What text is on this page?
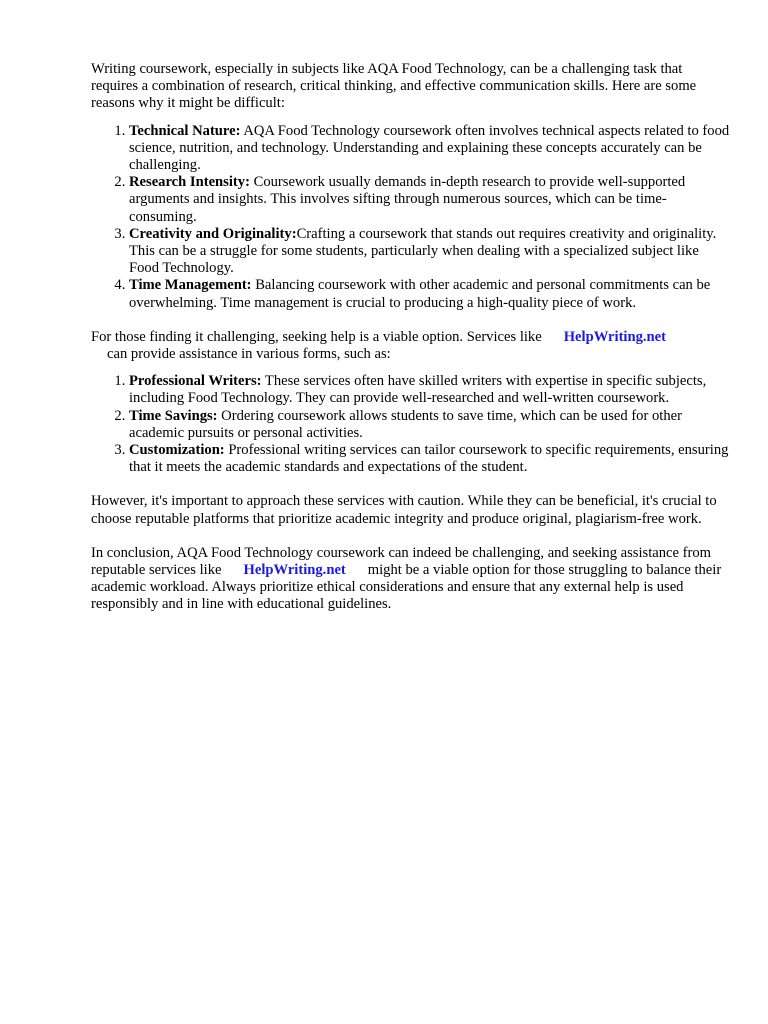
Writing coursework, especially in subjects like AQA Food Technology, can be a challenging task that requires a combination of research, critical thinking, and effective communication skills. Here are some reasons why it might be difficult:

1. Technical Nature: AQA Food Technology coursework often involves technical aspects related to food science, nutrition, and technology. Understanding and explaining these concepts accurately can be challenging.
2. Research Intensity: Coursework usually demands in-depth research to provide well-supported arguments and insights. This involves sifting through numerous sources, which can be time-consuming.
3. Creativity and Originality:Crafting a coursework that stands out requires creativity and originality. This can be a struggle for some students, particularly when dealing with a specialized subject like Food Technology.
4. Time Management: Balancing coursework with other academic and personal commitments can be overwhelming. Time management is crucial to producing a high-quality piece of work.

For those finding it challenging, seeking help is a viable option. Services like HelpWriting.net
can provide assistance in various forms, such as:

1. Professional Writers: These services often have skilled writers with expertise in specific subjects, including Food Technology. They can provide well-researched and well-written coursework.
2. Time Savings: Ordering coursework allows students to save time, which can be used for other academic pursuits or personal activities.
3. Customization: Professional writing services can tailor coursework to specific requirements, ensuring that it meets the academic standards and expectations of the student.

However, it's important to approach these services with caution. While they can be beneficial, it's crucial to choose reputable platforms that prioritize academic integrity and produce original, plagiarism-free work.

In conclusion, AQA Food Technology coursework can indeed be challenging, and seeking assistance from reputable services like HelpWriting.net might be a viable option for those struggling to balance their academic workload. Always prioritize ethical considerations and ensure that any external help is used responsibly and in line with educational guidelines.
